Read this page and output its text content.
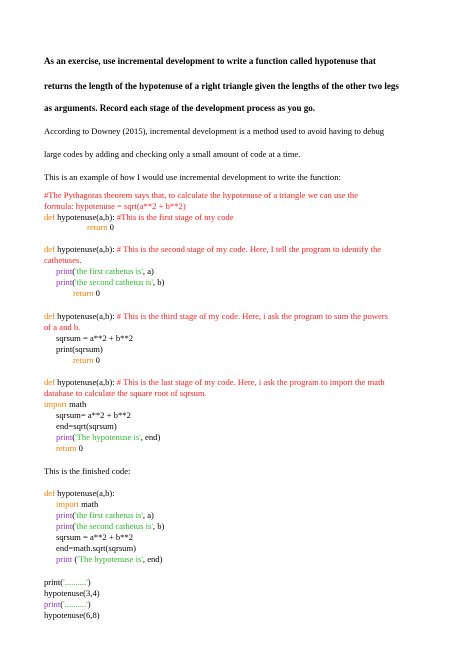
As an exercise, use incremental development to write a function called hypotenuse that
returns the length of the hypotenuse of a right triangle given the lengths of the other two legs
as arguments. Record each stage of the development process as you go.
According to Downey (2015), incremental development is a method used to avoid having to debug
large codes by adding and checking only a small amount of code at a time.
This is an example of how I would use incremental development to write the function:
#The Pythagoras theorem says that, to calculate the hypotenuse of a triangle we can use the
formula: hypotenuse = sqrt(a**2 + b**2)
def hypotenuse(a,b): #This is the first stage of my code
return 0
def hypotenuse(a,b): # This is the second stage of my code. Here, I tell the program to identify the
cathetuses.
print('the first cathetus is', a)
print('the second cathetus is', b)
return 0
def hypotenuse(a,b): # This is the third stage of my code. Here, i ask the program to sum the powers
of a and b.
sqrsum = a**2 + b**2
print(sqrsum)
return 0
def hypotenuse(a,b): # This is the last stage of my code. Here, i ask the program to import the math
database to calculate the square root of sqrsum.
import math
sqrsum= a**2 + b**2
end=sqrt(sqrsum)
print('The hypotenuse is', end)
return 0
This is the finished code:
def hypotenuse(a,b):
import math
print('the first cathetus is', a)
print('the second cathetus is', b)
sqrsum = a**2 + b**2
end=math.sqrt(sqrsum)
print ('The hypotenuse is', end)
print('..........')
hypotenuse(3,4)
print('..........')
hypotenuse(6,8)
